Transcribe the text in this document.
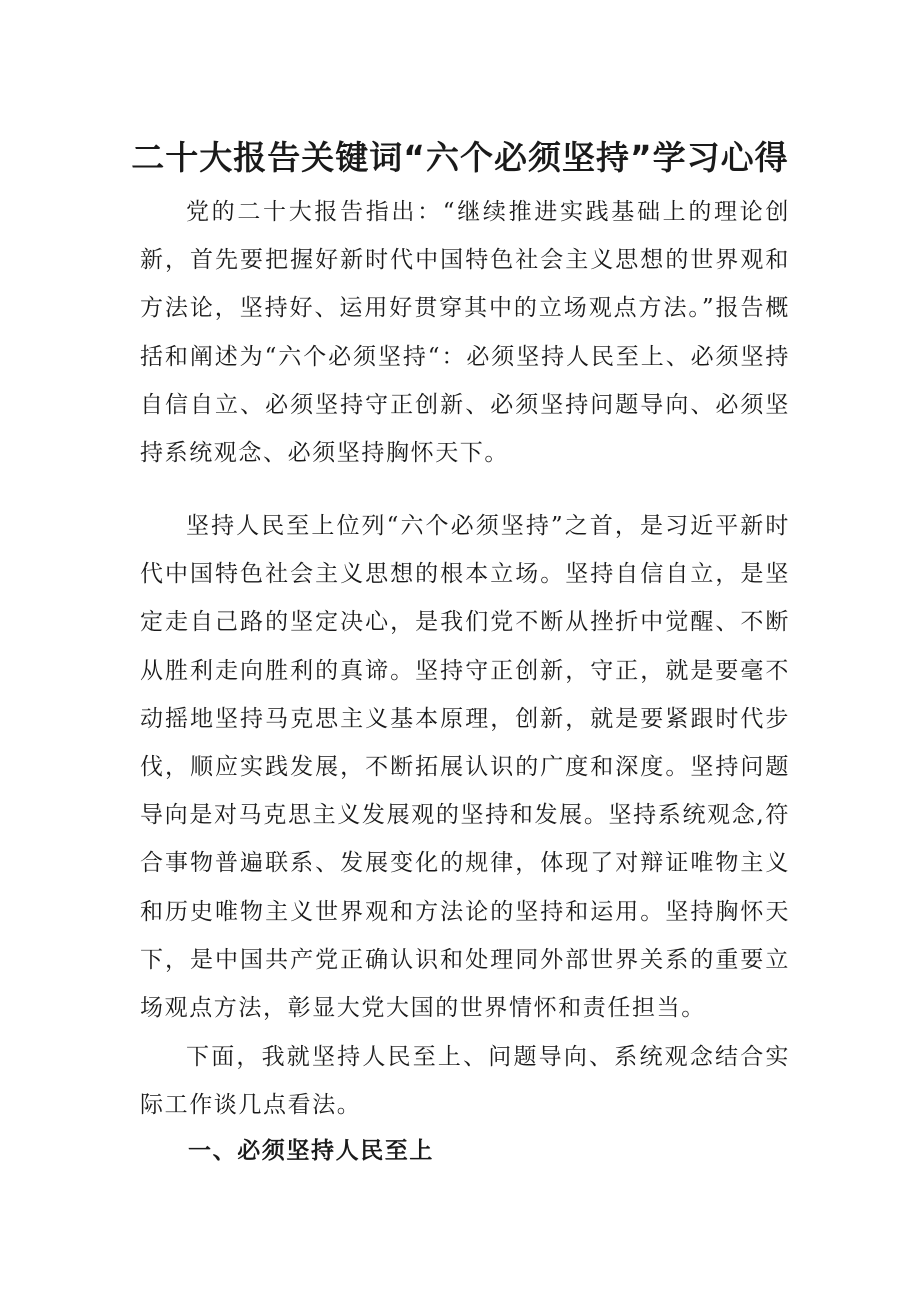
二十大报告关键词“六个必须坚持”学习心得

党的二十大报告指出：“继续推进实践基础上的理论创新，首先要把握好新时代中国特色社会主义思想的世界观和方法论，坚持好、运用好贯穿其中的立场观点方法。”报告概括和阐述为“六个必须坚持“：必须坚持人民至上、必须坚持自信自立、必须坚持守正创新、必须坚持问题导向、必须坚持系统观念、必须坚持胸怀天下。

坚持人民至上位列“六个必须坚持”之首，是习近平新时代中国特色社会主义思想的根本立场。坚持自信自立，是坚定走自己路的坚定决心，是我们党不断从挫折中觉醒、不断从胜利走向胜利的真谛。坚持守正创新，守正，就是要毫不动摇地坚持马克思主义基本原理，创新，就是要紧跟时代步伐，顺应实践发展，不断拓展认识的广度和深度。坚持问题导向是对马克思主义发展观的坚持和发展。坚持系统观念,符合事物普遍联系、发展变化的规律，体现了对辩证唯物主义和历史唯物主义世界观和方法论的坚持和运用。坚持胸怀天下，是中国共产党正确认识和处理同外部世界关系的重要立场观点方法，彰显大党大国的世界情怀和责任担当。

下面，我就坚持人民至上、问题导向、系统观念结合实际工作谈几点看法。

一、必须坚持人民至上
